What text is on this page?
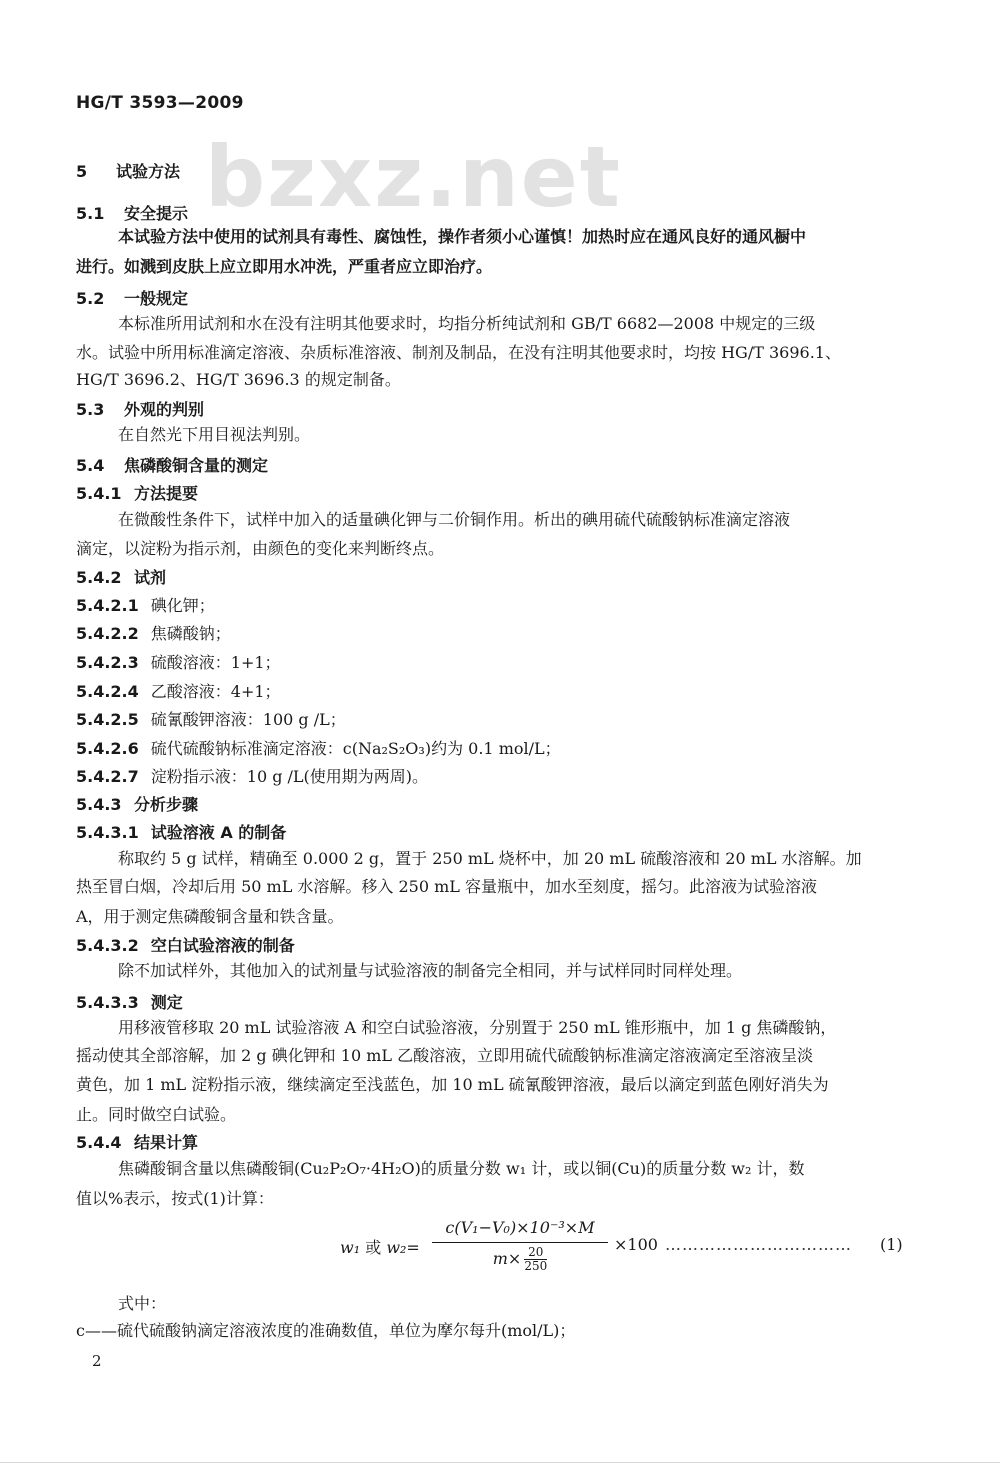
HG/T 3593—2009
bzxz.net
5 试验方法
5.1 安全提示
本试验方法中使用的试剂具有毒性、腐蚀性，操作者须小心谨慎！加热时应在通风良好的通风橱中
进行。如溅到皮肤上应立即用水冲洗，严重者应立即治疗。
5.2 一般规定
本标准所用试剂和水在没有注明其他要求时，均指分析纯试剂和 GB/T 6682—2008 中规定的三级
水。试验中所用标准滴定溶液、杂质标准溶液、制剂及制品，在没有注明其他要求时，均按 HG/T 3696.1、
HG/T 3696.2、HG/T 3696.3 的规定制备。
5.3 外观的判别
在自然光下用目视法判别。
5.4 焦磷酸铜含量的测定
5.4.1 方法提要
在微酸性条件下，试样中加入的适量碘化钾与二价铜作用。析出的碘用硫代硫酸钠标准滴定溶液
滴定，以淀粉为指示剂，由颜色的变化来判断终点。
5.4.2 试剂
5.4.2.1 碘化钾；
5.4.2.2 焦磷酸钠；
5.4.2.3 硫酸溶液：1+1；
5.4.2.4 乙酸溶液：4+1；
5.4.2.5 硫氰酸钾溶液：100 g /L；
5.4.2.6 硫代硫酸钠标准滴定溶液：c(Na₂S₂O₃)约为 0.1 mol/L；
5.4.2.7 淀粉指示液：10 g /L(使用期为两周)。
5.4.3 分析步骤
5.4.3.1 试验溶液 A 的制备
称取约 5 g 试样，精确至 0.000 2 g，置于 250 mL 烧杯中，加 20 mL 硫酸溶液和 20 mL 水溶解。加
热至冒白烟，冷却后用 50 mL 水溶解。移入 250 mL 容量瓶中，加水至刻度，摇匀。此溶液为试验溶液
A，用于测定焦磷酸铜含量和铁含量。
5.4.3.2 空白试验溶液的制备
除不加试样外，其他加入的试剂量与试验溶液的制备完全相同，并与试样同时同样处理。
5.4.3.3 测定
用移液管移取 20 mL 试验溶液 A 和空白试验溶液，分别置于 250 mL 锥形瓶中，加 1 g 焦磷酸钠，
摇动使其全部溶解，加 2 g 碘化钾和 10 mL 乙酸溶液，立即用硫代硫酸钠标准滴定溶液滴定至溶液呈淡
黄色，加 1 mL 淀粉指示液，继续滴定至浅蓝色，加 10 mL 硫氰酸钾溶液，最后以滴定到蓝色刚好消失为
止。同时做空白试验。
5.4.4 结果计算
焦磷酸铜含量以焦磷酸铜(Cu₂P₂O₇·4H₂O)的质量分数 w₁ 计，或以铜(Cu)的质量分数 w₂ 计，数
值以%表示，按式(1)计算：
w₁ 或 w₂=
c(V₁−V₀)×10⁻³×M
$m\times \frac{20}{250}$
×100 …………………………… (1)
式中：
c——硫代硫酸钠滴定溶液浓度的准确数值，单位为摩尔每升(mol/L)；
2
